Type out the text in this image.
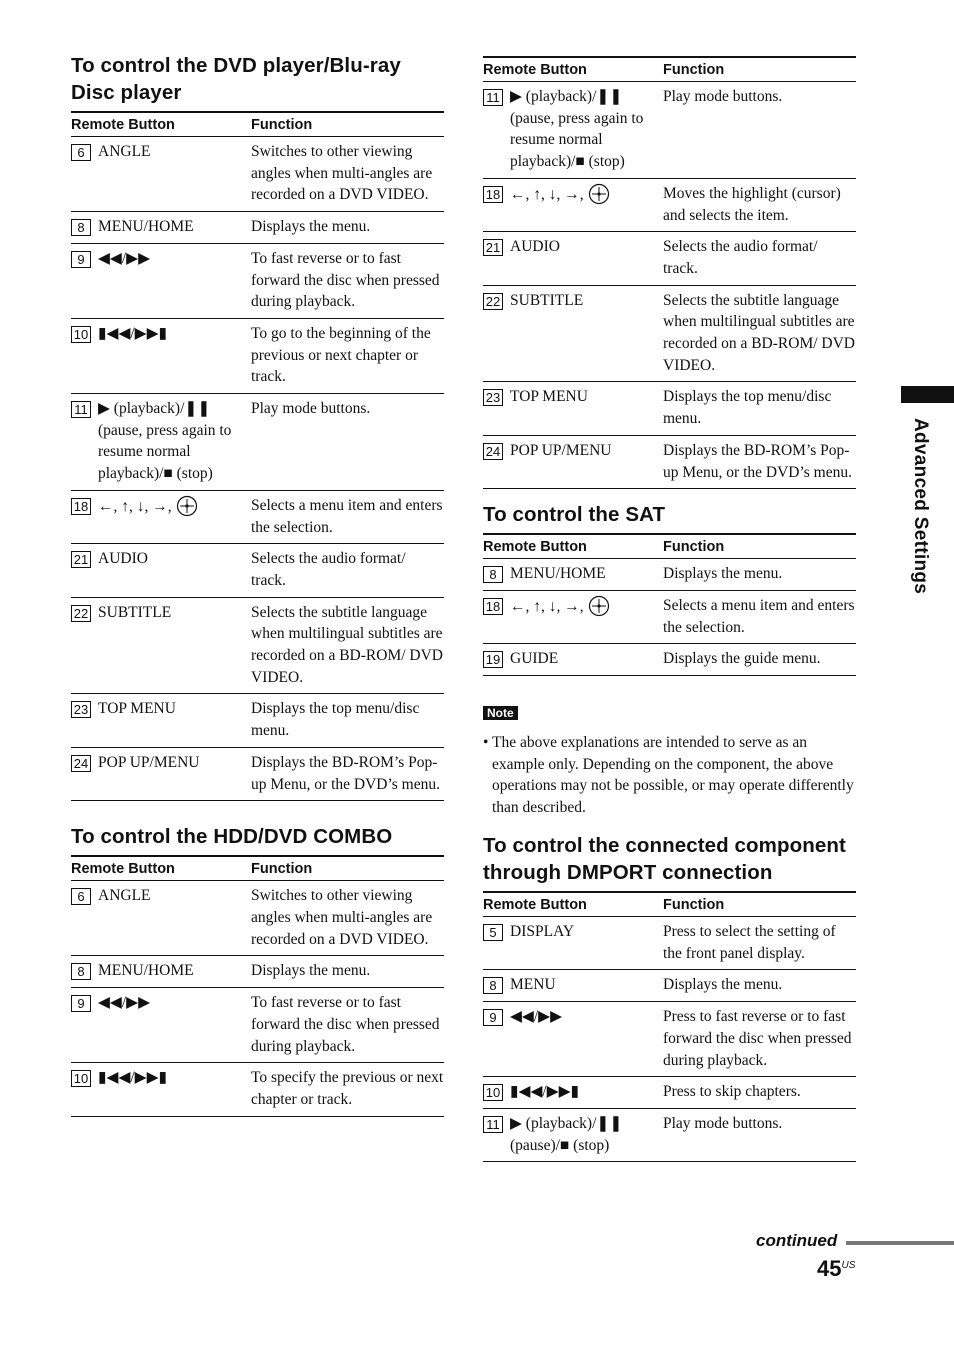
To control the DVD player/Blu-ray Disc player
Remote Button	Function

6 ANGLE	Switches to other viewing angles when multi-angles are recorded on a DVD VIDEO.

8 MENU/HOME	Displays the menu.

9 ◀◀/▶▶	To fast reverse or to fast forward the disc when pressed during playback.

10 ▮◀◀/▶▶▮	To go to the beginning of the previous or next chapter or track.

11 ▶ (playback)/❚❚ (pause, press again to resume normal playback)/■ (stop)	Play mode buttons.

18 ←, ↑, ↓, →,	Selects a menu item and enters the selection.

21 AUDIO	Selects the audio format/ track.

22 SUBTITLE	Selects the subtitle language when multilingual subtitles are recorded on a BD-ROM/ DVD VIDEO.

23 TOP MENU	Displays the top menu/disc menu.

24 POP UP/MENU	Displays the BD-ROM’s Pop-up Menu, or the DVD’s menu.
To control the HDD/DVD COMBO
Remote Button	Function

6 ANGLE	Switches to other viewing angles when multi-angles are recorded on a DVD VIDEO.

8 MENU/HOME	Displays the menu.

9 ◀◀/▶▶	To fast reverse or to fast forward the disc when pressed during playback.

10 ▮◀◀/▶▶▮	To specify the previous or next chapter or track.
Remote Button	Function

11 ▶ (playback)/❚❚ (pause, press again to resume normal playback)/■ (stop)	Play mode buttons.

18 ←, ↑, ↓, →,	Moves the highlight (cursor) and selects the item.

21 AUDIO	Selects the audio format/ track.

22 SUBTITLE	Selects the subtitle language when multilingual subtitles are recorded on a BD-ROM/ DVD VIDEO.

23 TOP MENU	Displays the top menu/disc menu.

24 POP UP/MENU	Displays the BD-ROM’s Pop-up Menu, or the DVD’s menu.
To control the SAT
Remote Button	Function

8 MENU/HOME	Displays the menu.

18 ←, ↑, ↓, →,	Selects a menu item and enters the selection.

19 GUIDE	Displays the guide menu.
Note
• The above explanations are intended to serve as an example only. Depending on the component, the above operations may not be possible, or may operate differently than described.
To control the connected component through DMPORT connection
Remote Button	Function

5 DISPLAY	Press to select the setting of the front panel display.

8 MENU	Displays the menu.

9 ◀◀/▶▶	Press to fast reverse or to fast forward the disc when pressed during playback.

10 ▮◀◀/▶▶▮	Press to skip chapters.

11 ▶ (playback)/❚❚ (pause)/■ (stop)	Play mode buttons.
Advanced Settings
continued
$45^{US}$
